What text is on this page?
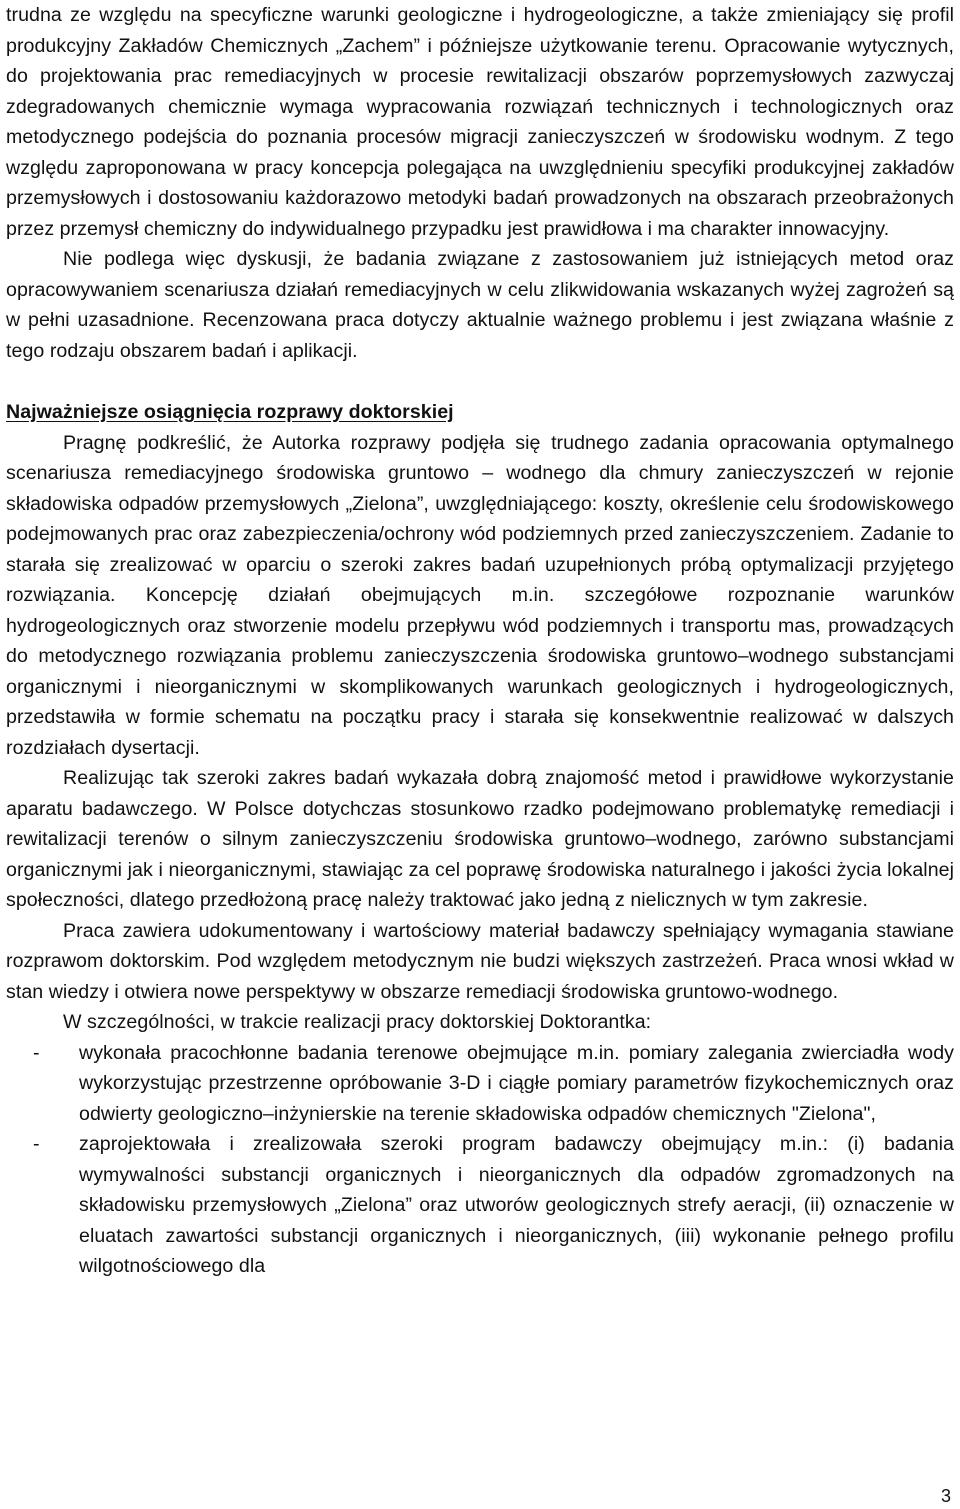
trudna ze względu na specyficzne warunki geologiczne i hydrogeologiczne, a także zmieniający się profil produkcyjny Zakładów Chemicznych „Zachem” i późniejsze użytkowanie terenu. Opracowanie wytycznych, do projektowania prac remediacyjnych w procesie rewitalizacji obszarów poprzemysłowych zazwyczaj zdegradowanych chemicznie wymaga wypracowania rozwiązań technicznych i technologicznych oraz metodycznego podejścia do poznania procesów migracji zanieczyszczeń w środowisku wodnym. Z tego względu zaproponowana w pracy koncepcja polegająca na uwzględnieniu specyfiki produkcyjnej zakładów przemysłowych i dostosowaniu każdorazowo metodyki badań prowadzonych na obszarach przeobrażonych przez przemysł chemiczny do indywidualnego przypadku jest prawidłowa i ma charakter innowacyjny.

Nie podlega więc dyskusji, że badania związane z zastosowaniem już istniejących metod oraz opracowywaniem scenariusza działań remediacyjnych w celu zlikwidowania wskazanych wyżej zagrożeń są w pełni uzasadnione. Recenzowana praca dotyczy aktualnie ważnego problemu i jest związana właśnie z tego rodzaju obszarem badań i aplikacji.

Najważniejsze osiągnięcia rozprawy doktorskiej

Pragnę podkreślić, że Autorka rozprawy podjęła się trudnego zadania opracowania optymalnego scenariusza remediacyjnego środowiska gruntowo – wodnego dla chmury zanieczyszczeń w rejonie składowiska odpadów przemysłowych „Zielona”, uwzględniającego: koszty, określenie celu środowiskowego podejmowanych prac oraz zabezpieczenia/ochrony wód podziemnych przed zanieczyszczeniem. Zadanie to starała się zrealizować w oparciu o szeroki zakres badań uzupełnionych próbą optymalizacji przyjętego rozwiązania. Koncepcję działań obejmujących m.in. szczegółowe rozpoznanie warunków hydrogeologicznych oraz stworzenie modelu przepływu wód podziemnych i transportu mas, prowadzących do metodycznego rozwiązania problemu zanieczyszczenia środowiska gruntowo–wodnego substancjami organicznymi i nieorganicznymi w skomplikowanych warunkach geologicznych i hydrogeologicznych, przedstawiła w formie schematu na początku pracy i starała się konsekwentnie realizować w dalszych rozdziałach dysertacji.

Realizując tak szeroki zakres badań wykazała dobrą znajomość metod i prawidłowe wykorzystanie aparatu badawczego. W Polsce dotychczas stosunkowo rzadko podejmowano problematykę remediacji i rewitalizacji terenów o silnym zanieczyszczeniu środowiska gruntowo–wodnego, zarówno substancjami organicznymi jak i nieorganicznymi, stawiając za cel poprawę środowiska naturalnego i jakości życia lokalnej społeczności, dlatego przedłożoną pracę należy traktować jako jedną z nielicznych w tym zakresie.

Praca zawiera udokumentowany i wartościowy materiał badawczy spełniający wymagania stawiane rozprawom doktorskim. Pod względem metodycznym nie budzi większych zastrzeżeń. Praca wnosi wkład w stan wiedzy i otwiera nowe perspektywy w obszarze remediacji środowiska gruntowo-wodnego.

W szczególności, w trakcie realizacji pracy doktorskiej Doktorantka:

- wykonała pracochłonne badania terenowe obejmujące m.in. pomiary zalegania zwierciadła wody wykorzystując przestrzenne opróbowanie 3-D i ciągłe pomiary parametrów fizykochemicznych oraz odwierty geologiczno–inżynierskie na terenie składowiska odpadów chemicznych "Zielona",
- zaprojektowała i zrealizowała szeroki program badawczy obejmujący m.in.: (i) badania wymywalności substancji organicznych i nieorganicznych dla odpadów zgromadzonych na składowisku przemysłowych „Zielona” oraz utworów geologicznych strefy aeracji, (ii) oznaczenie w eluatach zawartości substancji organicznych i nieorganicznych, (iii) wykonanie pełnego profilu wilgotnościowego dla
3
